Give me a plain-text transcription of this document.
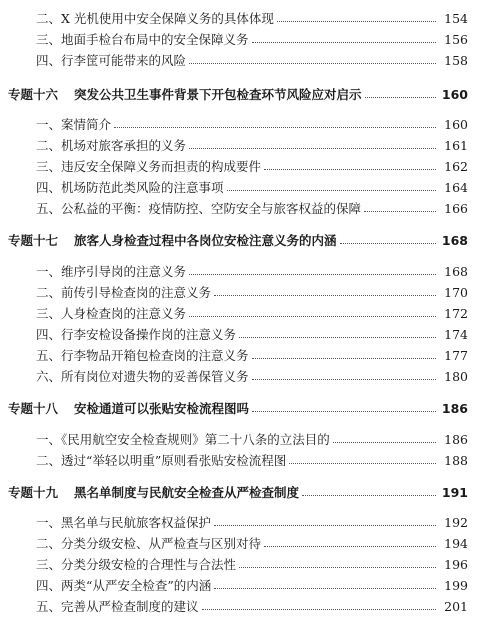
二、X 光机使用中安全保障义务的具体体现	154
三、地面手检台布局中的安全保障义务	156
四、行李筐可能带来的风险	158
专题十六 突发公共卫生事件背景下开包检查环节风险应对启示	160
一、案情简介	160
二、机场对旅客承担的义务	161
三、违反安全保障义务而担责的构成要件	162
四、机场防范此类风险的注意事项	164
五、公私益的平衡：疫情防控、空防安全与旅客权益的保障	166
专题十七 旅客人身检查过程中各岗位安检注意义务的内涵	168
一、维序引导岗的注意义务	168
二、前传引导检查岗的注意义务	170
三、人身检查岗的注意义务	172
四、行李安检设备操作岗的注意义务	174
五、行李物品开箱包检查岗的注意义务	177
六、所有岗位对遗失物的妥善保管义务	180
专题十八 安检通道可以张贴安检流程图吗	186
一、《民用航空安全检查规则》第二十八条的立法目的	186
二、透过“举轻以明重”原则看张贴安检流程图	188
专题十九 黑名单制度与民航安全检查从严检查制度	191
一、黑名单与民航旅客权益保护	192
二、分类分级安检、从严检查与区别对待	194
三、分类分级安检的合理性与合法性	196
四、两类“从严安全检查”的内涵	199
五、完善从严检查制度的建议	201
